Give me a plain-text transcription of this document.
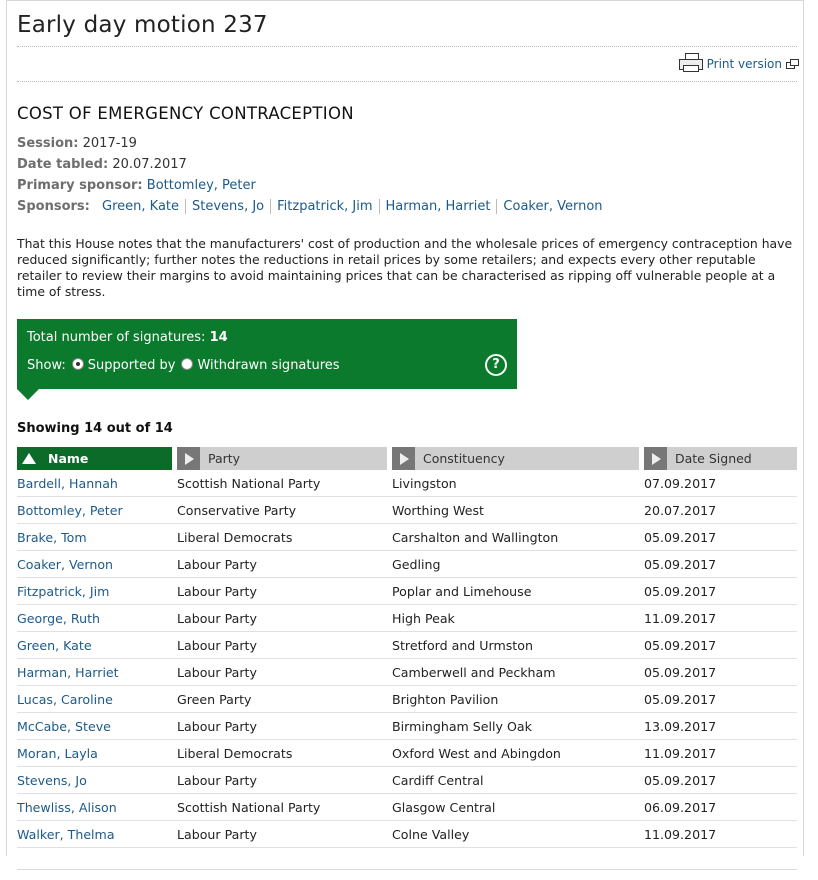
Early day motion 237
Print version
COST OF EMERGENCY CONTRACEPTION
Session: 2017-19
Date tabled: 20.07.2017
Primary sponsor: Bottomley, Peter
Sponsors: Green, Kate Stevens, Jo Fitzpatrick, Jim Harman, Harriet Coaker, Vernon

That this House notes that the manufacturers' cost of production and the wholesale prices of emergency contraception have reduced significantly; further notes the reductions in retail prices by some retailers; and expects every other reputable retailer to review their margins to avoid maintaining prices that can be characterised as ripping off vulnerable people at a time of stress.

Total number of signatures: 14
Show: Supported by Withdrawn signatures	?
Showing 14 out of 14
Name	Party	Constituency	Date Signed

Bardell, Hannah	Scottish National Party	Livingston	07.09.2017
Bottomley, Peter	Conservative Party	Worthing West	20.07.2017
Brake, Tom	Liberal Democrats	Carshalton and Wallington	05.09.2017
Coaker, Vernon	Labour Party	Gedling	05.09.2017
Fitzpatrick, Jim	Labour Party	Poplar and Limehouse	05.09.2017
George, Ruth	Labour Party	High Peak	11.09.2017
Green, Kate	Labour Party	Stretford and Urmston	05.09.2017
Harman, Harriet	Labour Party	Camberwell and Peckham	05.09.2017
Lucas, Caroline	Green Party	Brighton Pavilion	05.09.2017
McCabe, Steve	Labour Party	Birmingham Selly Oak	13.09.2017
Moran, Layla	Liberal Democrats	Oxford West and Abingdon	11.09.2017
Stevens, Jo	Labour Party	Cardiff Central	05.09.2017
Thewliss, Alison	Scottish National Party	Glasgow Central	06.09.2017
Walker, Thelma	Labour Party	Colne Valley	11.09.2017
